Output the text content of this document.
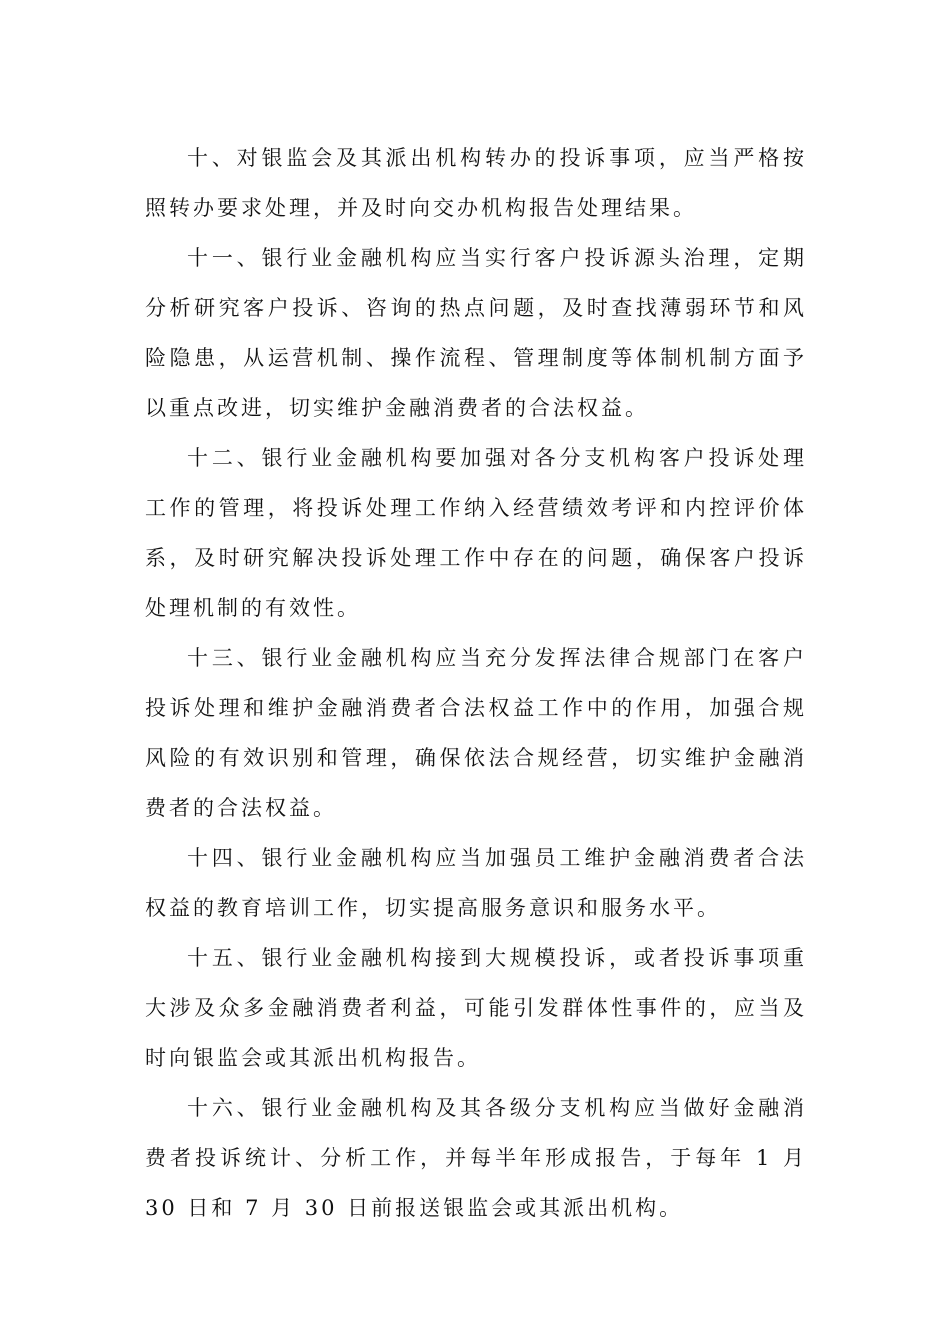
十、对银监会及其派出机构转办的投诉事项，应当严格按照转办要求处理，并及时向交办机构报告处理结果。

十一、银行业金融机构应当实行客户投诉源头治理，定期分析研究客户投诉、咨询的热点问题，及时查找薄弱环节和风险隐患，从运营机制、操作流程、管理制度等体制机制方面予以重点改进，切实维护金融消费者的合法权益。

十二、银行业金融机构要加强对各分支机构客户投诉处理工作的管理，将投诉处理工作纳入经营绩效考评和内控评价体系，及时研究解决投诉处理工作中存在的问题，确保客户投诉处理机制的有效性。

十三、银行业金融机构应当充分发挥法律合规部门在客户投诉处理和维护金融消费者合法权益工作中的作用，加强合规风险的有效识别和管理，确保依法合规经营，切实维护金融消费者的合法权益。

十四、银行业金融机构应当加强员工维护金融消费者合法权益的教育培训工作，切实提高服务意识和服务水平。

十五、银行业金融机构接到大规模投诉，或者投诉事项重大涉及众多金融消费者利益，可能引发群体性事件的，应当及时向银监会或其派出机构报告。

十六、银行业金融机构及其各级分支机构应当做好金融消费者投诉统计、分析工作，并每半年形成报告，于每年 1 月 30 日和 7 月 30 日前报送银监会或其派出机构。
